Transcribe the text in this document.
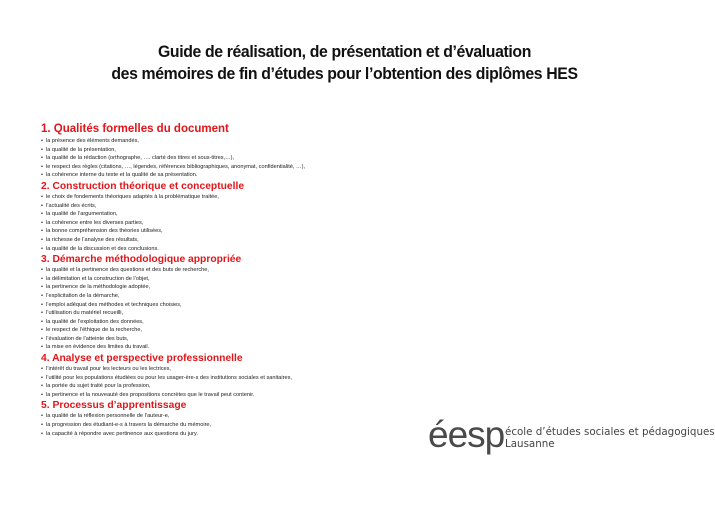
Guide de réalisation, de présentation et d’évaluation
des mémoires de fin d’études pour l’obtention des diplômes HES
1. Qualités formelles du document
• la présence des éléments demandés,
• la qualité de la présentation,
• la qualité de la rédaction (orthographe, …. clarté des titres et sous-titres,…),
• le respect des règles (citations, …, légendes, références bibliographiques, anonymat, confidentialité, …),
• la cohérence interne du texte et la qualité de sa présentation.
2. Construction théorique et conceptuelle
• le choix de fondements théoriques adaptés à la problématique traitée,
• l’actualité des écrits,
• la qualité de l’argumentation,
• la cohérence entre les diverses parties,
• la bonne compréhension des théories utilisées,
• la richesse de l’analyse des résultats,
• la qualité de la discussion et des conclusions.
3. Démarche méthodologique appropriée
• la qualité et la pertinence des questions et des buts de recherche,
• la délimitation et la construction de l’objet,
• la pertinence de la méthodologie adoptée,
• l’explicitation de la démarche,
• l’emploi adéquat des méthodes et techniques choisies,
• l’utilisation du matériel recueilli,
• la qualité de l’exploitation des données,
• le respect de l’éthique de la recherche,
• l’évaluation de l’atteinte des buts,
• la mise en évidence des limites du travail.
4. Analyse et perspective professionnelle
• l’intérêt du travail pour les lecteurs ou les lectrices,
• l’utilité pour les populations étudiées ou pour les usager-ère-s des institutions sociales et sanitaires,
• la portée du sujet traité pour la profession,
• la pertinence et la nouveauté des propositions concrètes que le travail peut contenir.
5. Processus d’apprentissage
• la qualité de la réflexion personnelle de l’auteur-e,
• la progression des étudiant-e-s à travers la démarche du mémoire,
• la capacité à répondre avec pertinence aux questions du jury.	éesp école d’études sociales et pédagogiques
Lausanne
